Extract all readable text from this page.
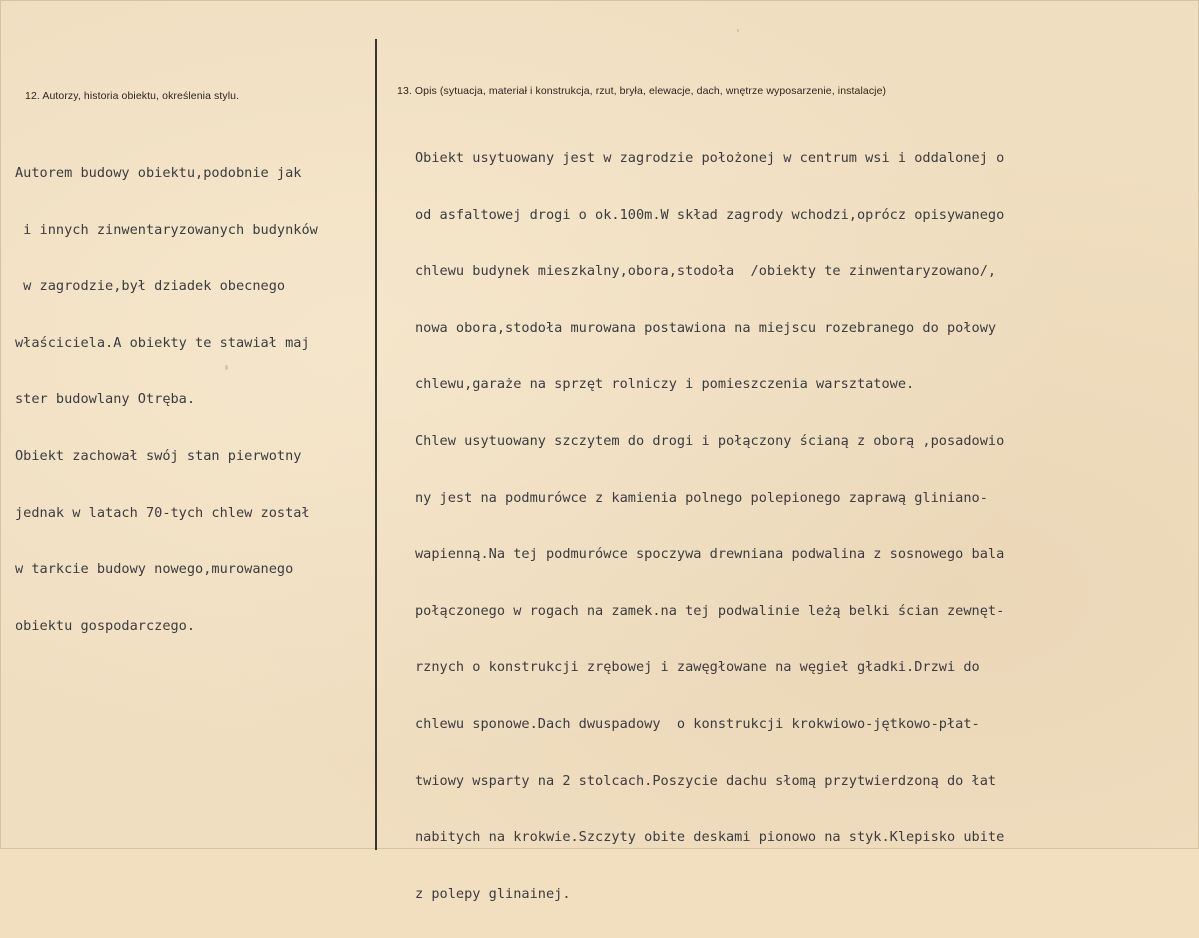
12. Autorzy, historia obiektu, określenia stylu.	13. Opis (sytuacja, materiał i konstrukcja, rzut, bryła, elewacje, dach, wnętrze wyposarzenie, instalacje)

Autorem budowy obiektu,podobnie jak

i innych zinwentaryzowanych budynków

w zagrodzie,był dziadek obecnego

właściciela.A obiekty te stawiał maj

ster budowlany Otręba.

Obiekt zachował swój stan pierwotny

jednak w latach 70-tych chlew został

w tarkcie budowy nowego,murowanego

obiektu gospodarczego.

Obiekt usytuowany jest w zagrodzie położonej w centrum wsi i oddalonej o

od asfaltowej drogi o ok.100m.W skład zagrody wchodzi,oprócz opisywanego

chlewu budynek mieszkalny,obora,stodoła  /obiekty te zinwentaryzowano/,

nowa obora,stodoła murowana postawiona na miejscu rozebranego do połowy

chlewu,garaże na sprzęt rolniczy i pomieszczenia warsztatowe.

Chlew usytuowany szczytem do drogi i połączony ścianą z oborą ,posadowio

ny jest na podmurówce z kamienia polnego polepionego zaprawą gliniano-

wapienną.Na tej podmurówce spoczywa drewniana podwalina z sosnowego bala

połączonego w rogach na zamek.na tej podwalinie leżą belki ścian zewnęt-

rznych o konstrukcji zrębowej i zawęgłowane na węgieł gładki.Drzwi do

chlewu sponowe.Dach dwuspadowy  o konstrukcji krokwiowo-jętkowo-płat-

twiowy wsparty na 2 stolcach.Poszycie dachu słomą przytwierdzoną do łat

nabitych na krokwie.Szczyty obite deskami pionowo na styk.Klepisko ubite

z polepy glinainej.
